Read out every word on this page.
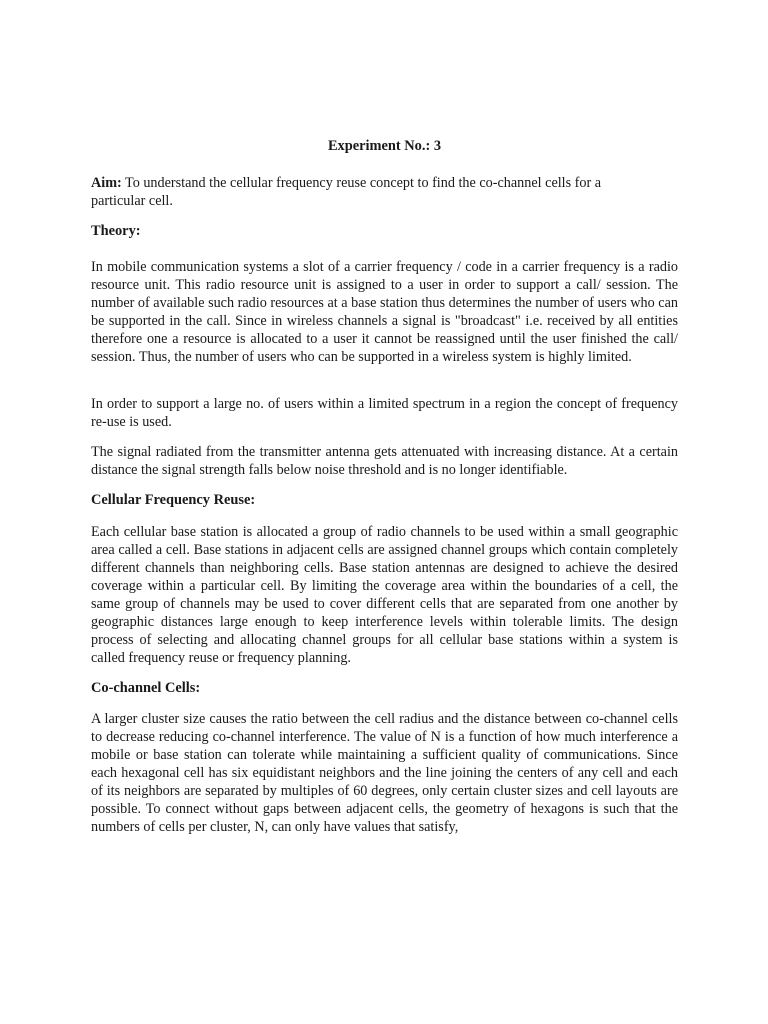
Experiment No.: 3

Aim: To understand the cellular frequency reuse concept to find the co-channel cells for a particular cell.

Theory:

In mobile communication systems a slot of a carrier frequency / code in a carrier frequency is a radio resource unit. This radio resource unit is assigned to a user in order to support a call/ session. The number of available such radio resources at a base station thus determines the number of users who can be supported in the call. Since in wireless channels a signal is "broadcast" i.e. received by all entities therefore one a resource is allocated to a user it cannot be reassigned until the user finished the call/ session. Thus, the number of users who can be supported in a wireless system is highly limited.

In order to support a large no. of users within a limited spectrum in a region the concept of frequency re-use is used.

The signal radiated from the transmitter antenna gets attenuated with increasing distance. At a certain distance the signal strength falls below noise threshold and is no longer identifiable.

Cellular Frequency Reuse:

Each cellular base station is allocated a group of radio channels to be used within a small geographic area called a cell. Base stations in adjacent cells are assigned channel groups which contain completely different channels than neighboring cells. Base station antennas are designed to achieve the desired coverage within a particular cell. By limiting the coverage area within the boundaries of a cell, the same group of channels may be used to cover different cells that are separated from one another by geographic distances large enough to keep interference levels within tolerable limits. The design process of selecting and allocating channel groups for all cellular base stations within a system is called frequency reuse or frequency planning.

Co-channel Cells:

A larger cluster size causes the ratio between the cell radius and the distance between co-channel cells to decrease reducing co-channel interference. The value of N is a function of how much interference a mobile or base station can tolerate while maintaining a sufficient quality of communications. Since each hexagonal cell has six equidistant neighbors and the line joining the centers of any cell and each of its neighbors are separated by multiples of 60 degrees, only certain cluster sizes and cell layouts are possible. To connect without gaps between adjacent cells, the geometry of hexagons is such that the numbers of cells per cluster, N, can only have values that satisfy,
